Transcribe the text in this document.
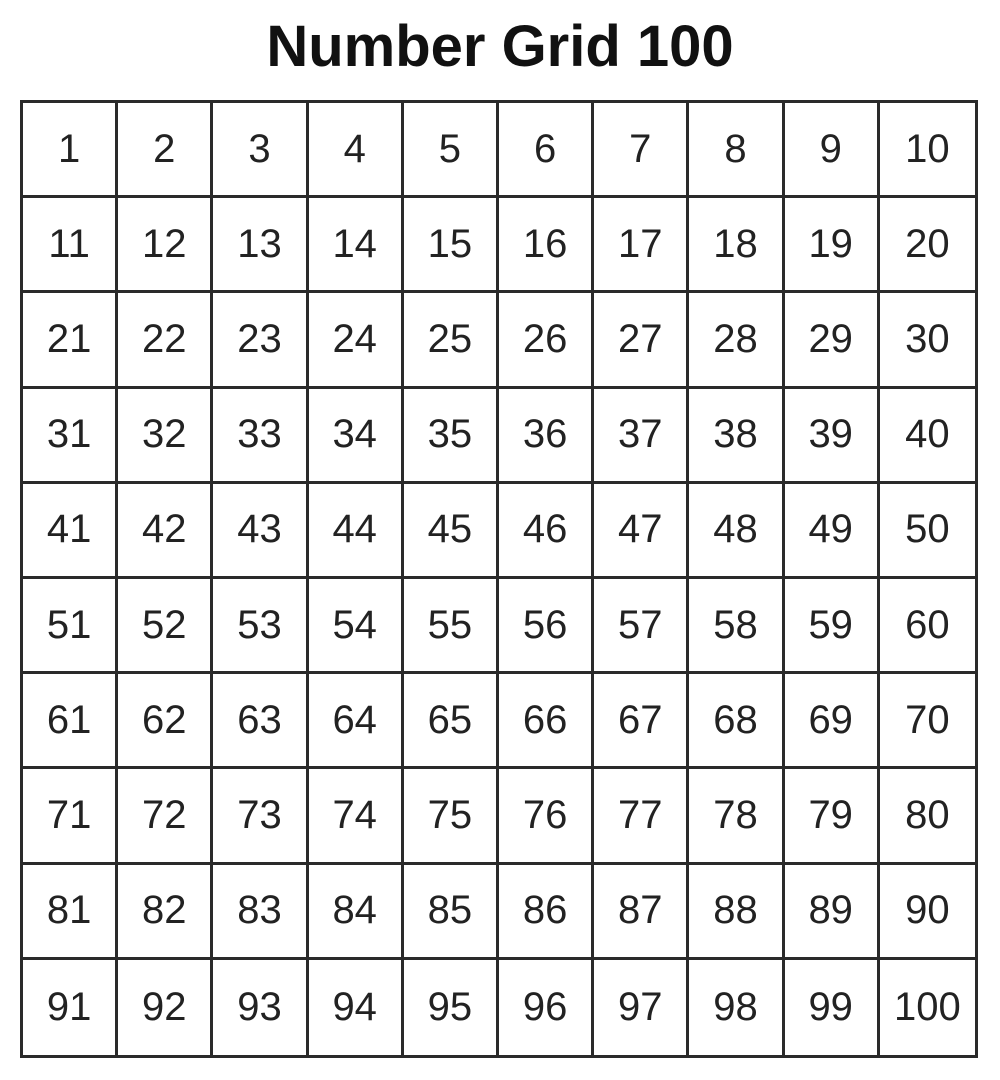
Number Grid 100
1	2	3	4	5	6	7	8	9	10
11	12	13	14	15	16	17	18	19	20
21	22	23	24	25	26	27	28	29	30
31	32	33	34	35	36	37	38	39	40
41	42	43	44	45	46	47	48	49	50
51	52	53	54	55	56	57	58	59	60
61	62	63	64	65	66	67	68	69	70
71	72	73	74	75	76	77	78	79	80
81	82	83	84	85	86	87	88	89	90
91	92	93	94	95	96	97	98	99	100
